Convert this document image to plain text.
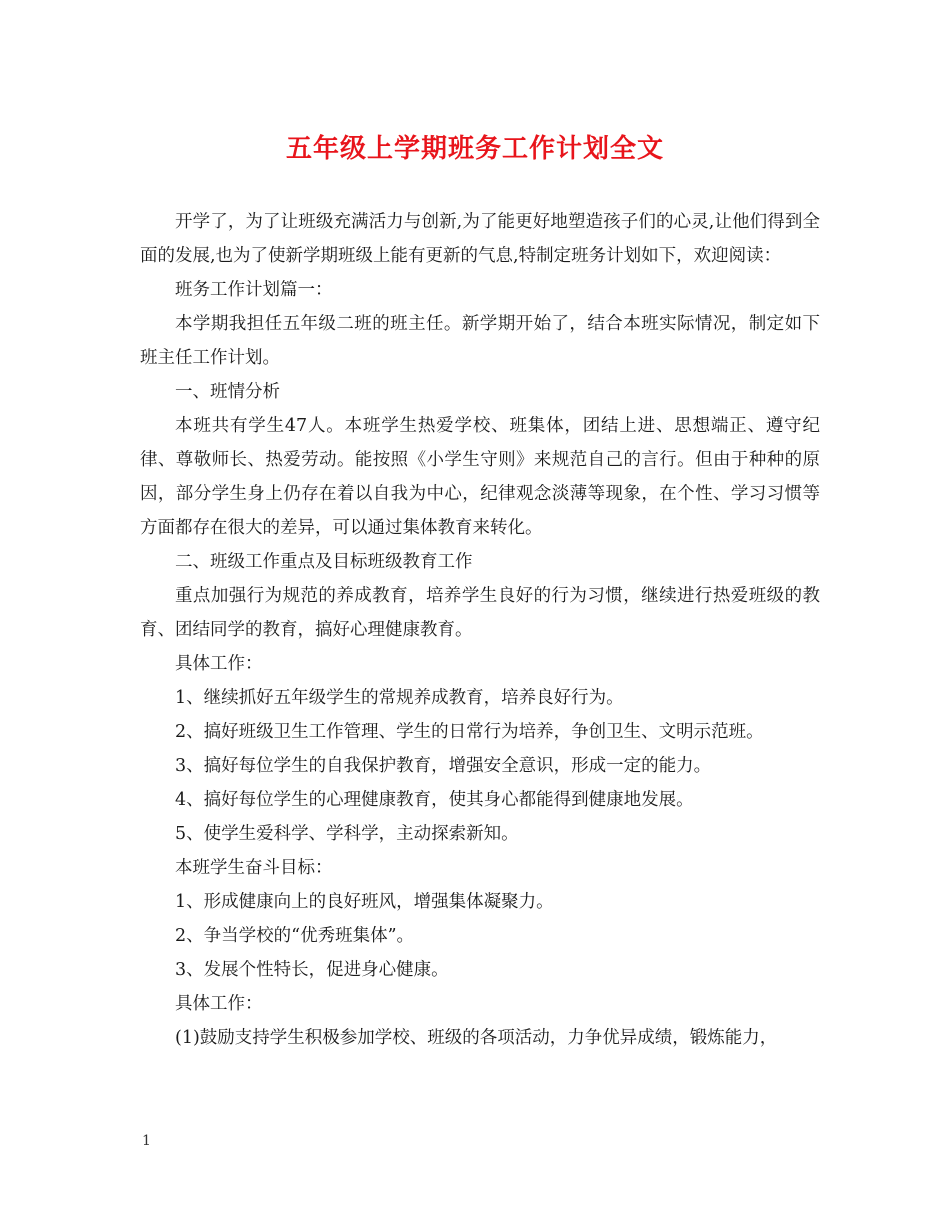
五年级上学期班务工作计划全文

开学了，为了让班级充满活力与创新,为了能更好地塑造孩子们的心灵,让他们得到全面的发展,也为了使新学期班级上能有更新的气息,特制定班务计划如下，欢迎阅读：

班务工作计划篇一：

本学期我担任五年级二班的班主任。新学期开始了，结合本班实际情况，制定如下班主任工作计划。

一、班情分析

本班共有学生47人。本班学生热爱学校、班集体，团结上进、思想端正、遵守纪律、尊敬师长、热爱劳动。能按照《小学生守则》来规范自己的言行。但由于种种的原因，部分学生身上仍存在着以自我为中心，纪律观念淡薄等现象，在个性、学习习惯等方面都存在很大的差异，可以通过集体教育来转化。

二、班级工作重点及目标班级教育工作

重点加强行为规范的养成教育，培养学生良好的行为习惯，继续进行热爱班级的教育、团结同学的教育，搞好心理健康教育。

具体工作：

1、继续抓好五年级学生的常规养成教育，培养良好行为。

2、搞好班级卫生工作管理、学生的日常行为培养，争创卫生、文明示范班。

3、搞好每位学生的自我保护教育，增强安全意识，形成一定的能力。

4、搞好每位学生的心理健康教育，使其身心都能得到健康地发展。

5、使学生爱科学、学科学，主动探索新知。

本班学生奋斗目标：

1、形成健康向上的良好班风，增强集体凝聚力。

2、争当学校的“优秀班集体”。

3、发展个性特长，促进身心健康。

具体工作：

(1)鼓励支持学生积极参加学校、班级的各项活动，力争优异成绩，锻炼能力，

1
